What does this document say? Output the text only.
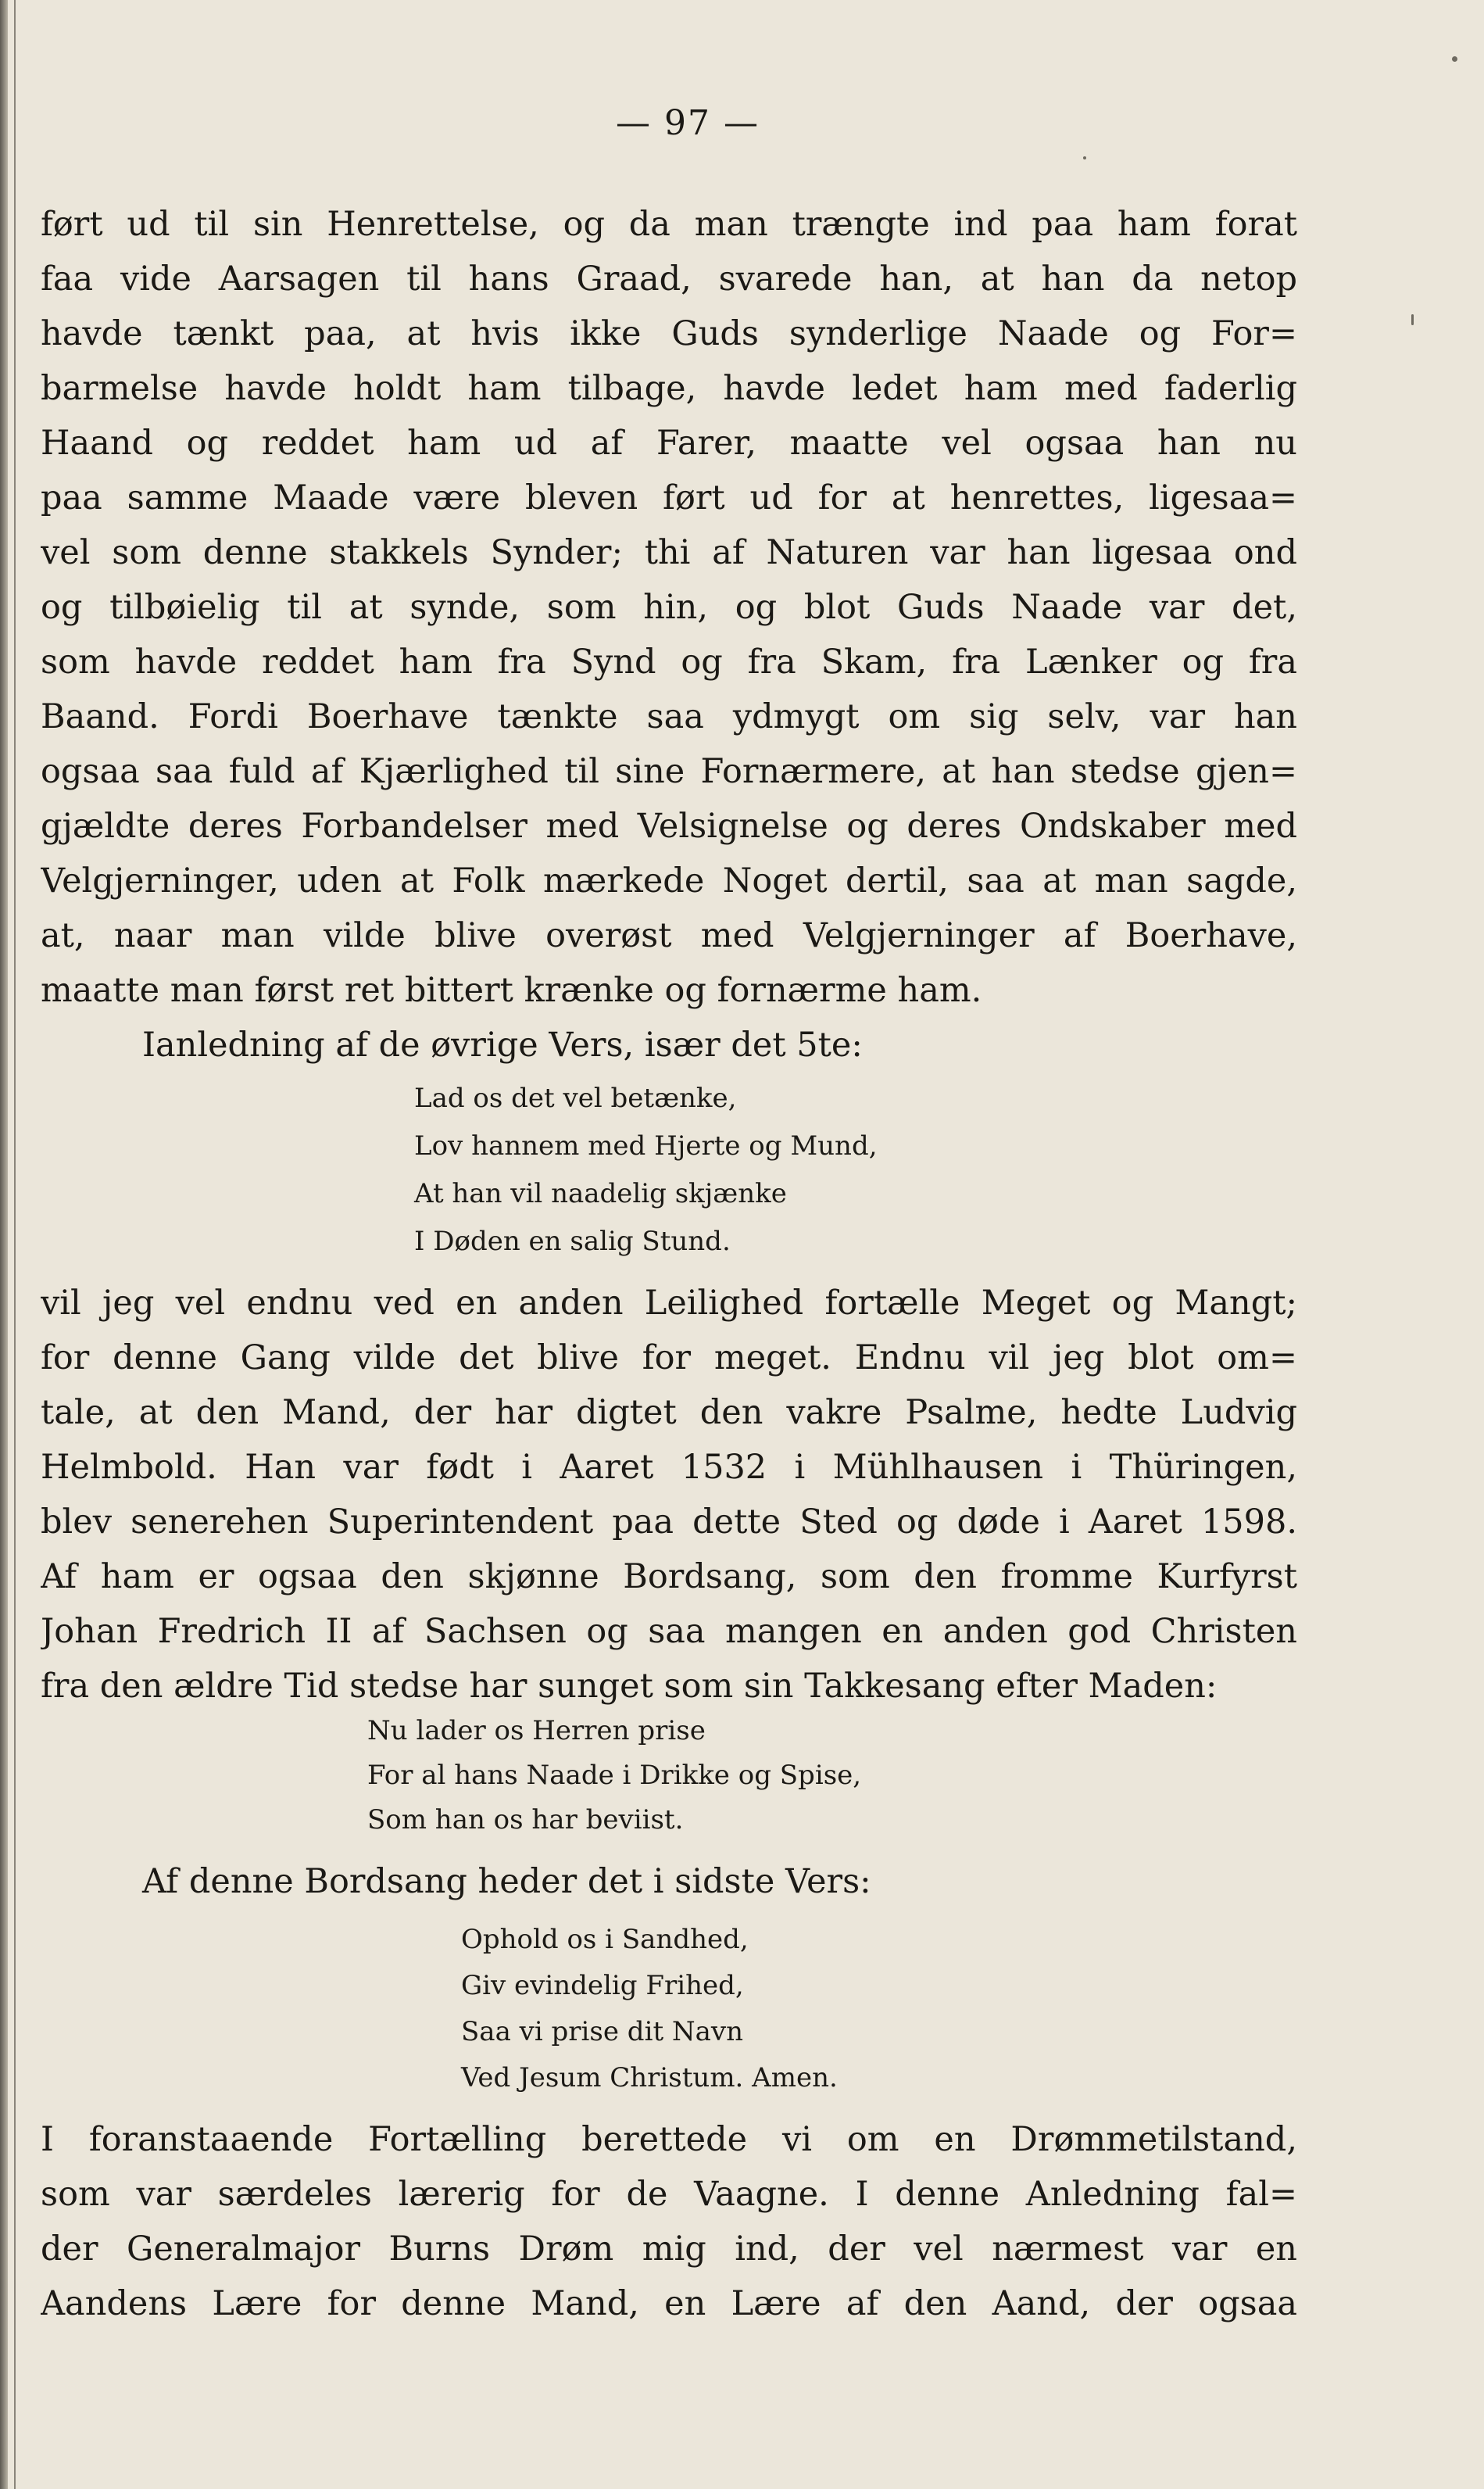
— 97 —

ført ud til sin Henrettelse, og da man trængte ind paa ham forat

faa vide Aarsagen til hans Graad, svarede han, at han da netop

havde tænkt paa, at hvis ikke Guds synderlige Naade og For=

barmelse havde holdt ham tilbage, havde ledet ham med faderlig

Haand og reddet ham ud af Farer, maatte vel ogsaa han nu

paa samme Maade være bleven ført ud for at henrettes, ligesaa=

vel som denne stakkels Synder; thi af Naturen var han ligesaa ond

og tilbøielig til at synde, som hin, og blot Guds Naade var det,

som havde reddet ham fra Synd og fra Skam, fra Lænker og fra

Baand. Fordi Boerhave tænkte saa ydmygt om sig selv, var han

ogsaa saa fuld af Kjærlighed til sine Fornærmere, at han stedse gjen=

gjældte deres Forbandelser med Velsignelse og deres Ondskaber med

Velgjerninger, uden at Folk mærkede Noget dertil, saa at man sagde,

at, naar man vilde blive overøst med Velgjerninger af Boerhave,

maatte man først ret bittert krænke og fornærme ham.

Ianledning af de øvrige Vers, især det 5te:

Lad os det vel betænke,

Lov hannem med Hjerte og Mund,

At han vil naadelig skjænke

I Døden en salig Stund.

vil jeg vel endnu ved en anden Leilighed fortælle Meget og Mangt;

for denne Gang vilde det blive for meget. Endnu vil jeg blot om=

tale, at den Mand, der har digtet den vakre Psalme, hedte Ludvig

Helmbold. Han var født i Aaret 1532 i Mühlhausen i Thüringen,

blev senerehen Superintendent paa dette Sted og døde i Aaret 1598.

Af ham er ogsaa den skjønne Bordsang, som den fromme Kurfyrst

Johan Fredrich II af Sachsen og saa mangen en anden god Christen

fra den ældre Tid stedse har sunget som sin Takkesang efter Maden:

Nu lader os Herren prise

For al hans Naade i Drikke og Spise,

Som han os har beviist.

Af denne Bordsang heder det i sidste Vers:

Ophold os i Sandhed,

Giv evindelig Frihed,

Saa vi prise dit Navn

Ved Jesum Christum. Amen.

I foranstaaende Fortælling berettede vi om en Drømmetilstand,

som var særdeles lærerig for de Vaagne. I denne Anledning fal=

der Generalmajor Burns Drøm mig ind, der vel nærmest var en

Aandens Lære for denne Mand, en Lære af den Aand, der ogsaa
